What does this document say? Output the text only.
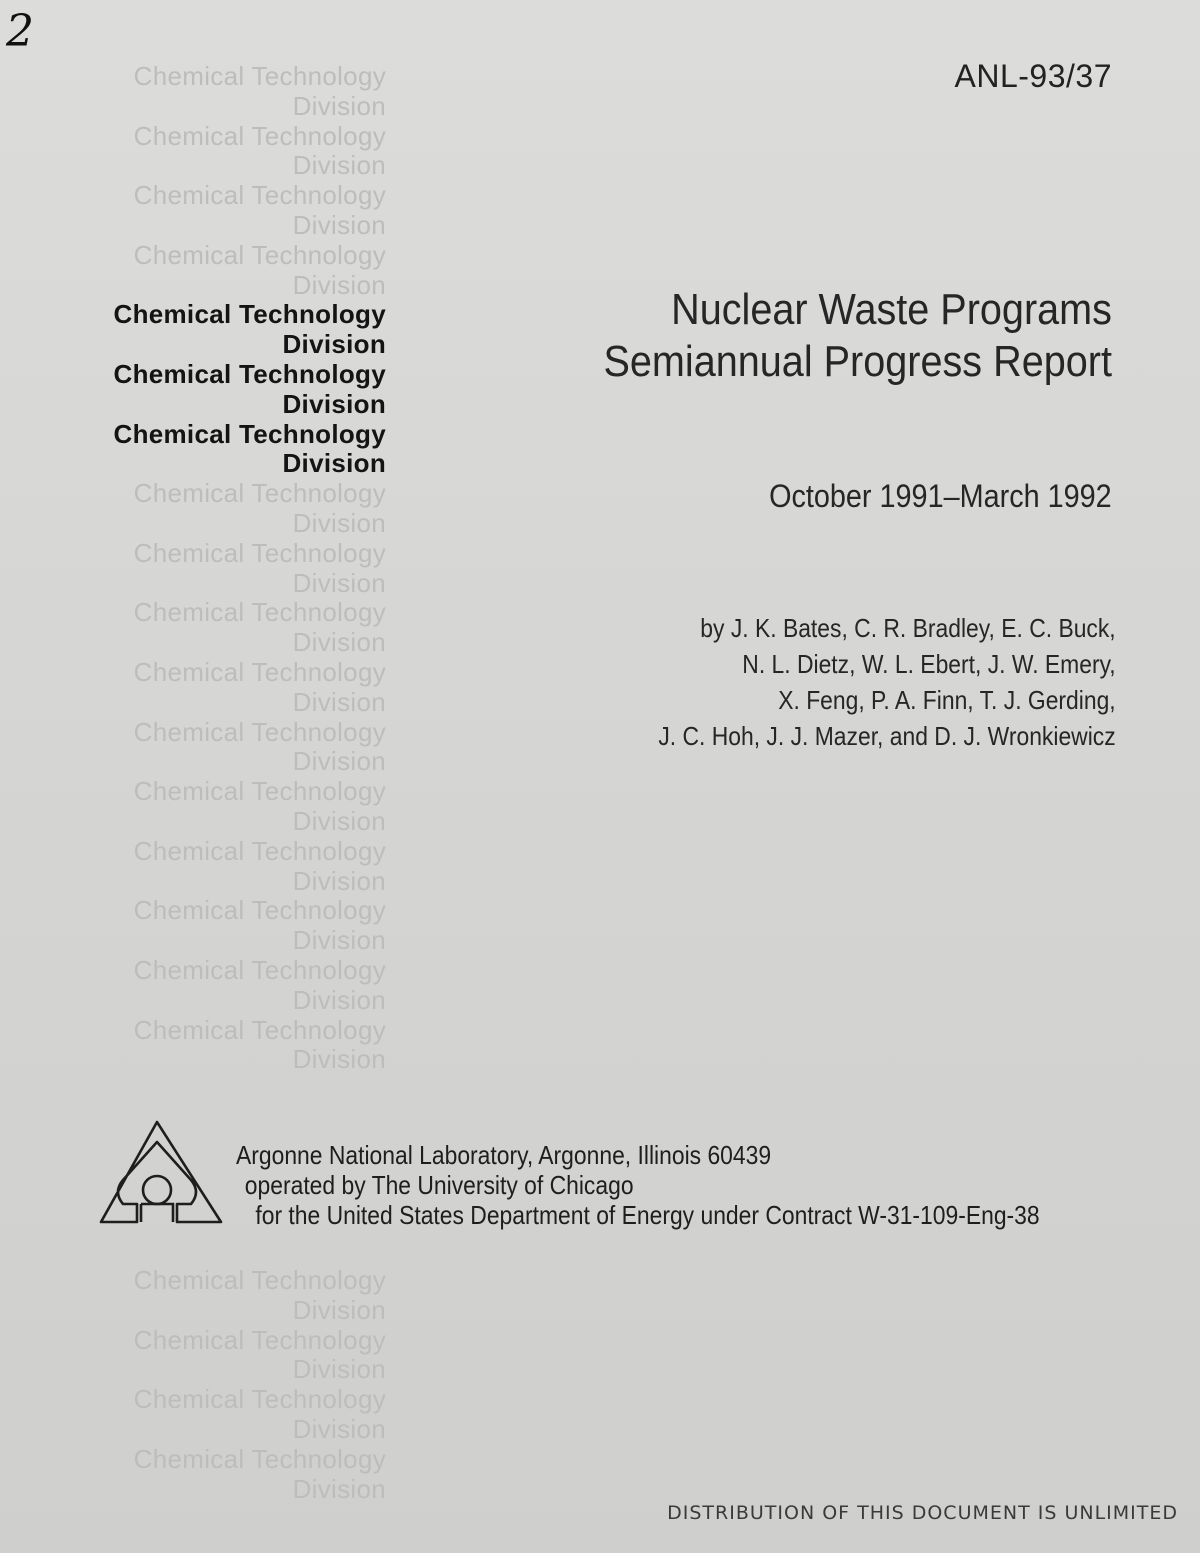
2
ANL-93/37
Chemical Technology
Division
Chemical Technology
Division
Chemical Technology
Division
Chemical Technology
Division
Chemical Technology
Division
Chemical Technology
Division
Chemical Technology
Division
Chemical Technology
Division
Chemical Technology
Division
Chemical Technology
Division
Chemical Technology
Division
Chemical Technology
Division
Chemical Technology
Division
Chemical Technology
Division
Chemical Technology
Division
Chemical Technology
Division
Chemical Technology
Division
Nuclear Waste Programs
Semiannual Progress Report
October 1991–March 1992
by J. K. Bates, C. R. Bradley, E. C. Buck,
N. L. Dietz, W. L. Ebert, J. W. Emery,
X. Feng, P. A. Finn, T. J. Gerding,
J. C. Hoh, J. J. Mazer, and D. J. Wronkiewicz
Argonne National Laboratory, Argonne, Illinois 60439
operated by The University of Chicago
for the United States Department of Energy under Contract W-31-109-Eng-38
Chemical Technology
Division
Chemical Technology
Division
Chemical Technology
Division
Chemical Technology
Division
DISTRIBUTION OF THIS DOCUMENT IS UNLIMITED
